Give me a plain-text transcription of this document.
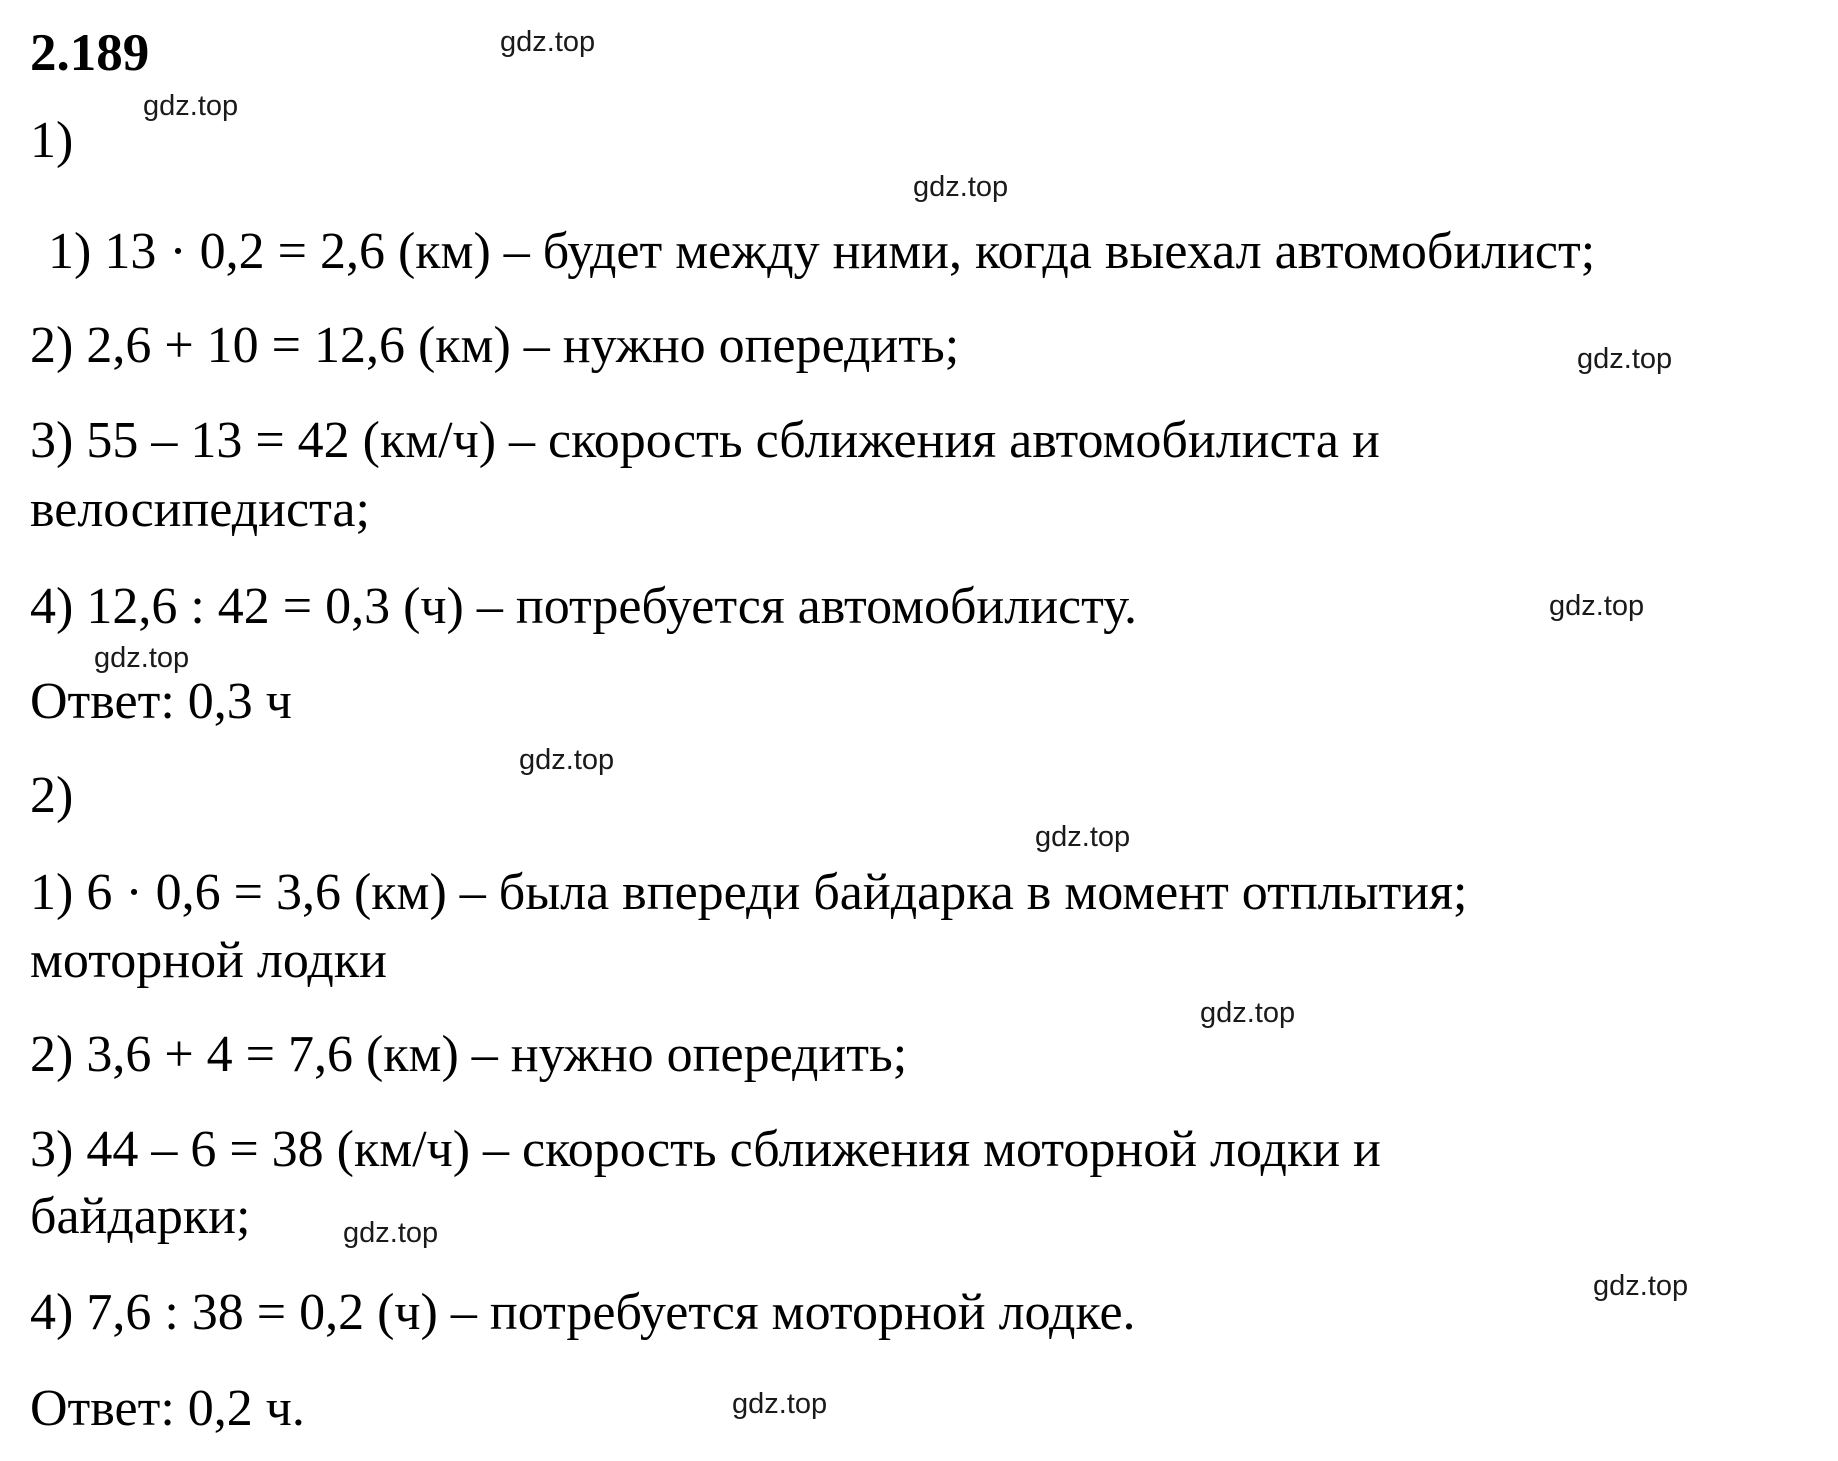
2.189
1)
1) 13 · 0,2 = 2,6 (км) – будет между ними, когда выехал автомобилист;
2) 2,6 + 10 = 12,6 (км) – нужно опередить;
3) 55 – 13 = 42 (км/ч) – скорость сближения автомобилиста и
велосипедиста;
4) 12,6 : 42 = 0,3 (ч) – потребуется автомобилисту.
Ответ: 0,3 ч
2)
1) 6 · 0,6 = 3,6 (км) – была впереди байдарка в момент отплытия;
моторной лодки
2) 3,6 + 4 = 7,6 (км) – нужно опередить;
3) 44 – 6 = 38 (км/ч) – скорость сближения моторной лодки и
байдарки;
4) 7,6 : 38 = 0,2 (ч) – потребуется моторной лодке.
Ответ: 0,2 ч.
gdz.top
gdz.top
gdz.top
gdz.top
gdz.top
gdz.top
gdz.top
gdz.top
gdz.top
gdz.top
gdz.top
gdz.top
